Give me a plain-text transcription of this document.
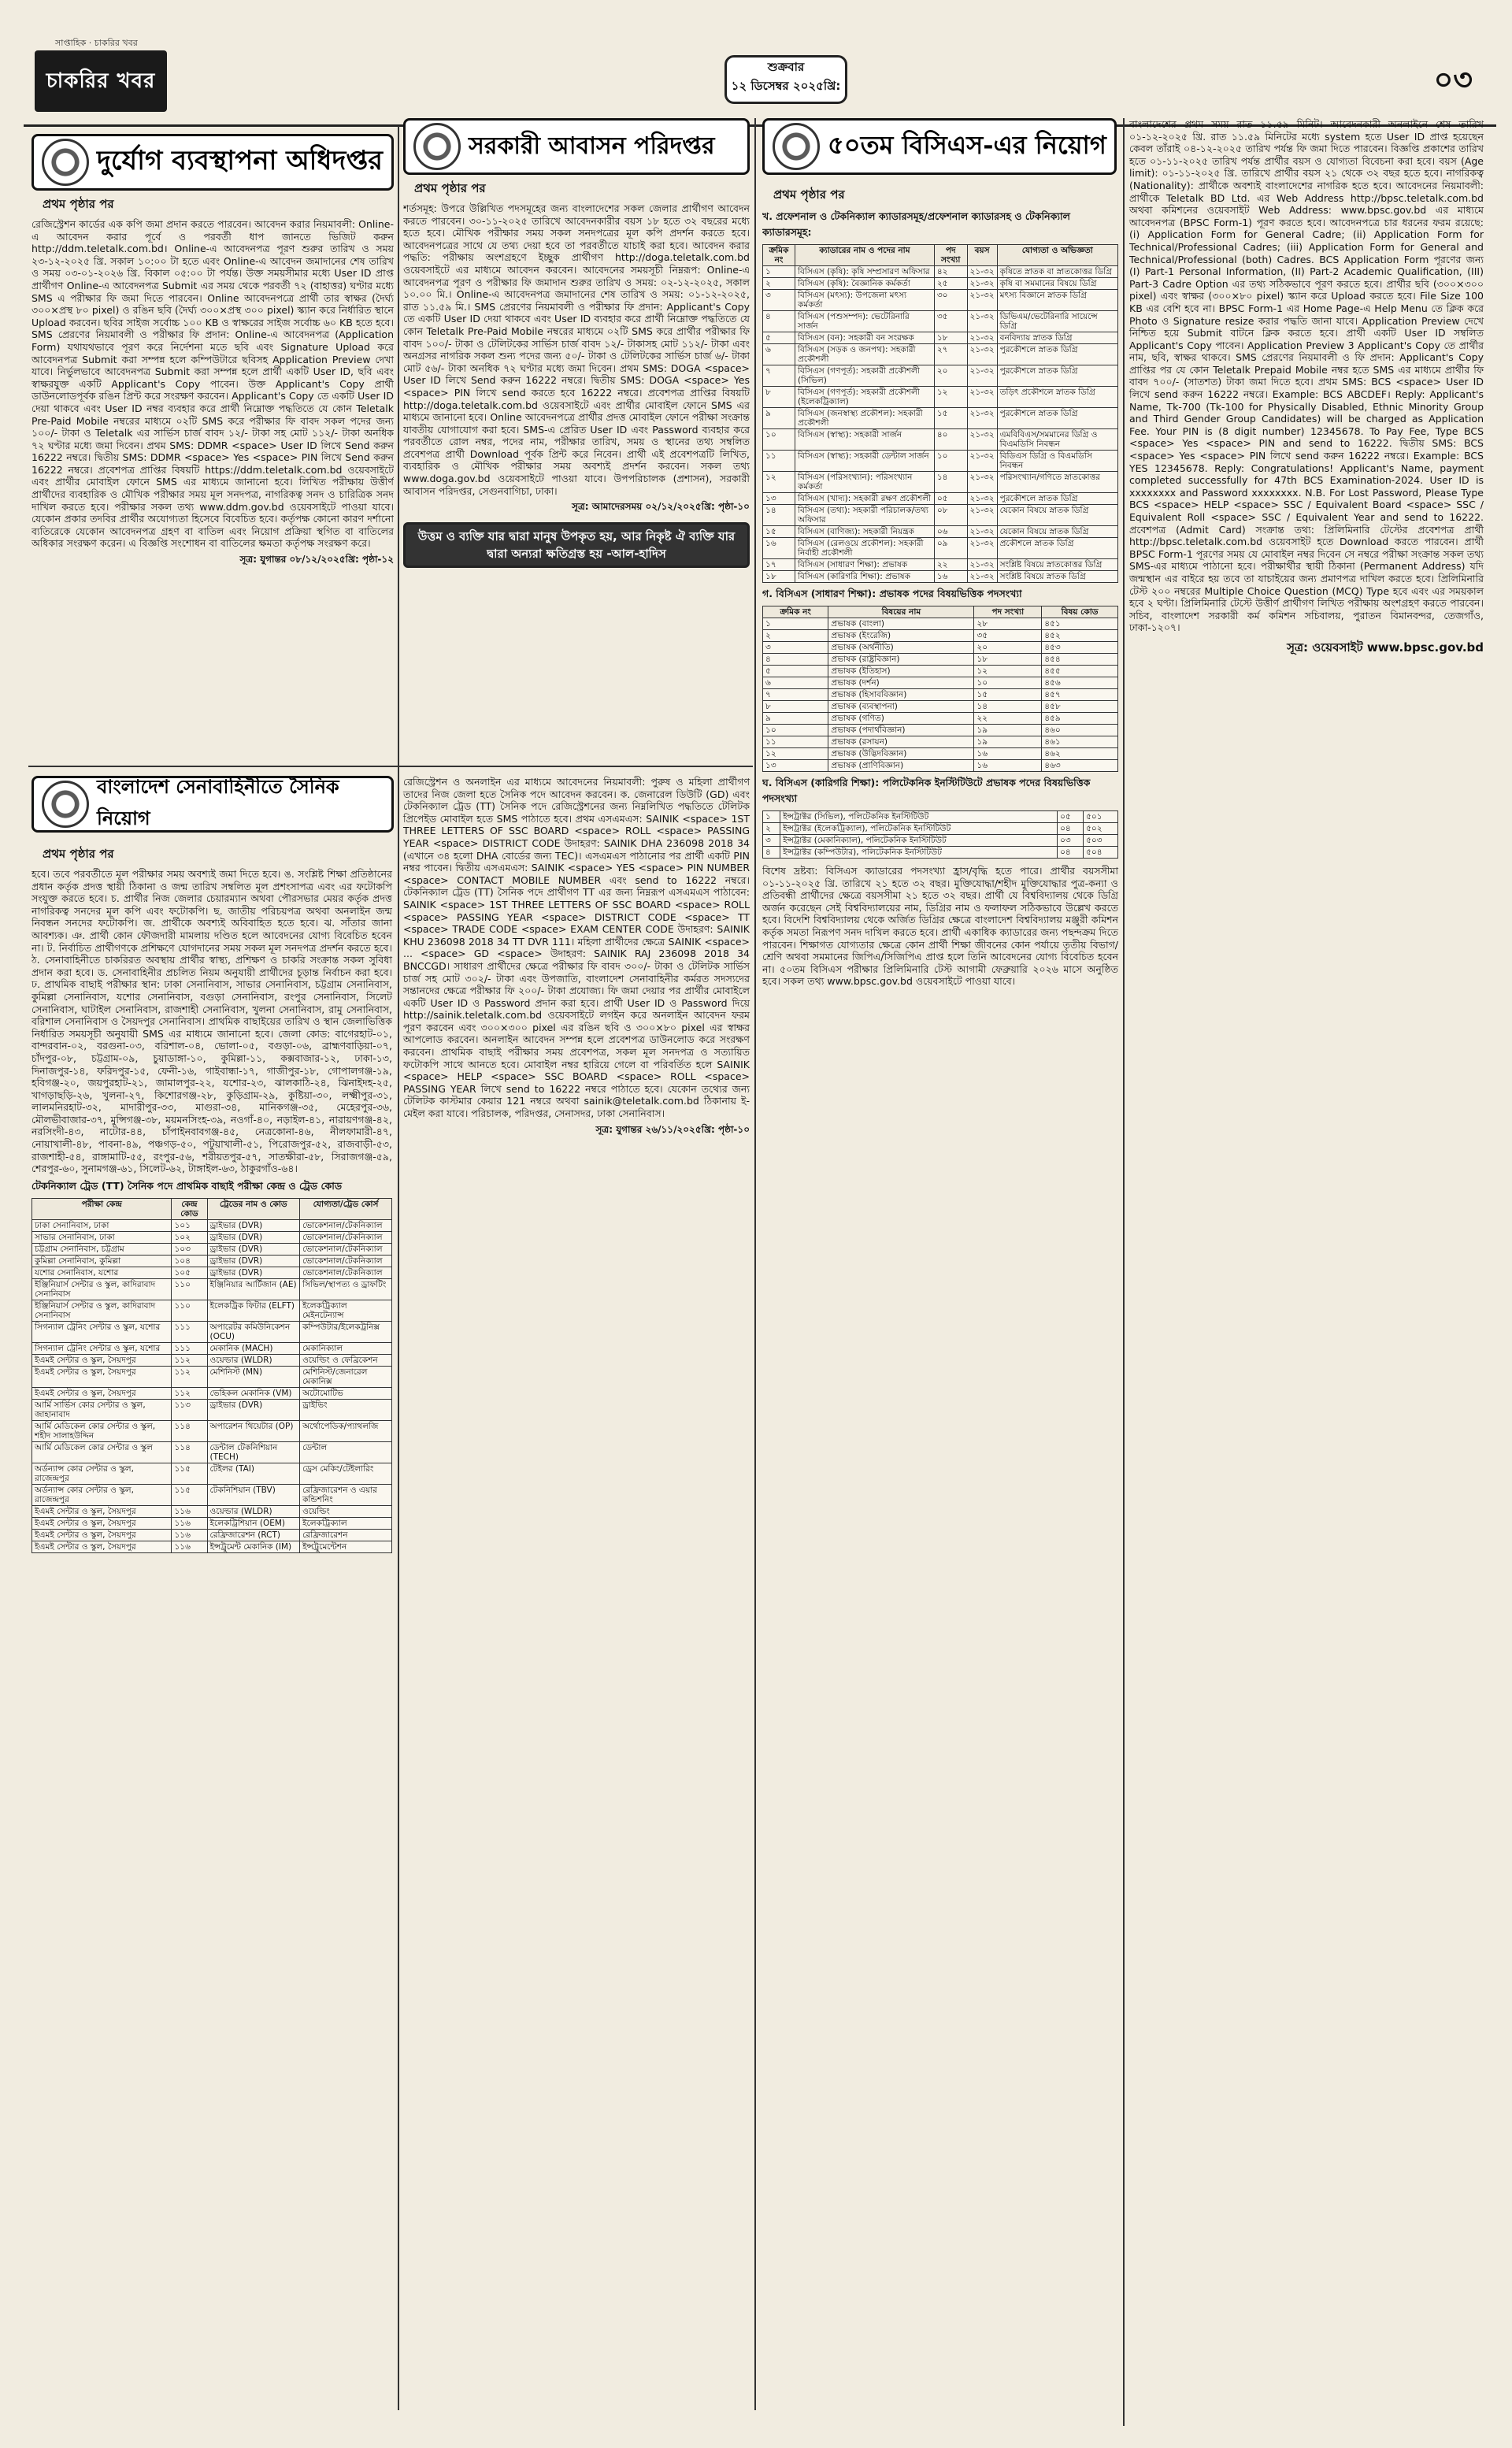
সাপ্তাহিক · চাকরির খবর
চাকরির খবর
শুক্রবার
১২ ডিসেম্বর ২০২৫খ্রি:	০৩
দুর্যোগ ব্যবস্থাপনা অধিদপ্তর
প্রথম পৃষ্ঠার পর
রেজিস্ট্রেশন কার্ডের এক কপি জমা প্রদান করতে পারবেন। আবেদন করার নিয়মাবলী: Online-এ আবেদন করার পূর্বে ও পরবর্তী ধাপ জানতে ভিজিট করুন http://ddm.teletalk.com.bd। Online-এ আবেদনপত্র পূরণ শুরুর তারিখ ও সময় ২৩-১২-২০২৫ খ্রি. সকাল ১০:০০ টা হতে এবং Online-এ আবেদন জমাদানের শেষ তারিখ ও সময় ০৩-০১-২০২৬ খ্রি. বিকাল ০৫:০০ টা পর্যন্ত। উক্ত সময়সীমার মধ্যে User ID প্রাপ্ত প্রার্থীগণ Online-এ আবেদনপত্র Submit এর সময় থেকে পরবর্তী ৭২ (বাহাত্তর) ঘণ্টার মধ্যে SMS এ পরীক্ষার ফি জমা দিতে পারবেন। Online আবেদনপত্রে প্রার্থী তার স্বাক্ষর (দৈর্ঘ্য ৩০০×প্রস্থ ৮০ pixel) ও রঙিন ছবি (দৈর্ঘ্য ৩০০×প্রস্থ ৩০০ pixel) স্ক্যান করে নির্ধারিত স্থানে Upload করবেন। ছবির সাইজ সর্বোচ্চ ১০০ KB ও স্বাক্ষরের সাইজ সর্বোচ্চ ৬০ KB হতে হবে। SMS প্রেরণের নিয়মাবলী ও পরীক্ষার ফি প্রদান: Online-এ আবেদনপত্র (Application Form) যথাযথভাবে পূরণ করে নির্দেশনা মতে ছবি এবং Signature Upload করে আবেদনপত্র Submit করা সম্পন্ন হলে কম্পিউটারে ছবিসহ Application Preview দেখা যাবে। নির্ভুলভাবে আবেদনপত্র Submit করা সম্পন্ন হলে প্রার্থী একটি User ID, ছবি এবং স্বাক্ষরযুক্ত একটি Applicant's Copy পাবেন। উক্ত Applicant's Copy প্রার্থী ডাউনলোডপূর্বক রঙিন প্রিন্ট করে সংরক্ষণ করবেন। Applicant's Copy তে একটি User ID দেয়া থাকবে এবং User ID নম্বর ব্যবহার করে প্রার্থী নিম্নোক্ত পদ্ধতিতে যে কোন Teletalk Pre-Paid Mobile নম্বরের মাধ্যমে ০২টি SMS করে পরীক্ষার ফি বাবদ সকল পদের জন্য ১০০/- টাকা ও Teletalk এর সার্ভিস চার্জ বাবদ ১২/- টাকা সহ মোট ১১২/- টাকা অনধিক ৭২ ঘণ্টার মধ্যে জমা দিবেন। প্রথম SMS: DDMR <space> User ID লিখে Send করুন 16222 নম্বরে। দ্বিতীয় SMS: DDMR <space> Yes <space> PIN লিখে Send করুন 16222 নম্বরে। প্রবেশপত্র প্রাপ্তির বিষয়টি https://ddm.teletalk.com.bd ওয়েবসাইটে এবং প্রার্থীর মোবাইল ফোনে SMS এর মাধ্যমে জানানো হবে। লিখিত পরীক্ষায় উত্তীর্ণ প্রার্থীদের ব্যবহারিক ও মৌখিক পরীক্ষার সময় মূল সনদপত্র, নাগরিকত্ব সনদ ও চারিত্রিক সনদ দাখিল করতে হবে। পরীক্ষার সকল তথ্য www.ddm.gov.bd ওয়েবসাইটে পাওয়া যাবে। যেকোন প্রকার তদবির প্রার্থীর অযোগ্যতা হিসেবে বিবেচিত হবে। কর্তৃপক্ষ কোনো কারণ দর্শানো ব্যতিরেকে যেকোন আবেদনপত্র গ্রহণ বা বাতিল এবং নিয়োগ প্রক্রিয়া স্থগিত বা বাতিলের অধিকার সংরক্ষণ করেন। এ বিজ্ঞপ্তি সংশোধন বা বাতিলের ক্ষমতা কর্তৃপক্ষ সংরক্ষণ করে।
সূত্র: যুগান্তর ০৮/১২/২০২৫খ্রি: পৃষ্ঠা-১২
সরকারী আবাসন পরিদপ্তর
প্রথম পৃষ্ঠার পর
শর্তসমূহ: উপরে উল্লিখিত পদসমূহের জন্য বাংলাদেশের সকল জেলার প্রার্থীগণ আবেদন করতে পারবেন। ৩০-১১-২০২৫ তারিখে আবেদনকারীর বয়স ১৮ হতে ৩২ বছরের মধ্যে হতে হবে। মৌখিক পরীক্ষার সময় সকল সনদপত্রের মূল কপি প্রদর্শন করতে হবে। আবেদনপত্রের সাথে যে তথ্য দেয়া হবে তা পরবর্তীতে যাচাই করা হবে। আবেদন করার পদ্ধতি: পরীক্ষায় অংশগ্রহণে ইচ্ছুক প্রার্থীগণ http://doga.teletalk.com.bd ওয়েবসাইটে এর মাধ্যমে আবেদন করবেন। আবেদনের সময়সূচী নিম্নরূপ: Online-এ আবেদনপত্র পূরণ ও পরীক্ষার ফি জমাদান শুরুর তারিখ ও সময়: ০২-১২-২০২৫, সকাল ১০.০০ মি.। Online-এ আবেদনপত্র জমাদানের শেষ তারিখ ও সময়: ০১-১২-২০২৫, রাত ১১.৫৯ মি.। SMS প্রেরণের নিয়মাবলী ও পরীক্ষার ফি প্রদান: Applicant's Copy তে একটি User ID দেয়া থাকবে এবং User ID ব্যবহার করে প্রার্থী নিম্নোক্ত পদ্ধতিতে যে কোন Teletalk Pre-Paid Mobile নম্বরের মাধ্যমে ০২টি SMS করে প্রার্থীর পরীক্ষার ফি বাবদ ১০০/- টাকা ও টেলিটকের সার্ভিস চার্জ বাবদ ১২/- টাকাসহ মোট ১১২/- টাকা এবং অনগ্রসর নাগরিক সকল শুন্য পদের জন্য ৫০/- টাকা ও টেলিটকের সার্ভিস চার্জ ৬/- টাকা মোট ৫৬/- টাকা অনধিক ৭২ ঘণ্টার মধ্যে জমা দিবেন। প্রথম SMS: DOGA <space> User ID লিখে Send করুন 16222 নম্বরে। দ্বিতীয় SMS: DOGA <space> Yes <space> PIN লিখে send করতে হবে 16222 নম্বরে। প্রবেশপত্র প্রাপ্তির বিষয়টি http://doga.teletalk.com.bd ওয়েবসাইটে এবং প্রার্থীর মোবাইল ফোনে SMS এর মাধ্যমে জানানো হবে। Online আবেদনপত্রে প্রার্থীর প্রদত্ত মোবাইল ফোনে পরীক্ষা সংক্রান্ত যাবতীয় যোগাযোগ করা হবে। SMS-এ প্রেরিত User ID এবং Password ব্যবহার করে পরবর্তীতে রোল নম্বর, পদের নাম, পরীক্ষার তারিখ, সময় ও স্থানের তথ্য সম্বলিত প্রবেশপত্র প্রার্থী Download পূর্বক প্রিন্ট করে নিবেন। প্রার্থী এই প্রবেশপত্রটি লিখিত, ব্যবহারিক ও মৌখিক পরীক্ষার সময় অবশ্যই প্রদর্শন করবেন। সকল তথ্য www.doga.gov.bd ওয়েবসাইটে পাওয়া যাবে। উপপরিচালক (প্রশাসন), সরকারী আবাসন পরিদপ্তর, সেগুনবাগিচা, ঢাকা।
সূত্র: আমাদেরসময় ০২/১২/২০২৫খ্রি: পৃষ্ঠা-১০
উত্তম ও ব্যক্তি যার দ্বারা মানুষ উপকৃত হয়, আর নিকৃষ্ট ঐ ব্যক্তি যার দ্বারা অন্যরা ক্ষতিগ্রস্ত হয় -আল-হাদিস
বাংলাদেশ সেনাবাহিনীতে সৈনিক নিয়োগ
প্রথম পৃষ্ঠার পর
হবে। তবে পরবর্তীতে মূল পরীক্ষার সময় অবশ্যই জমা দিতে হবে। ঙ. সংশ্লিষ্ট শিক্ষা প্রতিষ্ঠানের প্রধান কর্তৃক প্রদত্ত স্থায়ী ঠিকানা ও জন্ম তারিখ সম্বলিত মূল প্রশংসাপত্র এবং এর ফটোকপি সংযুক্ত করতে হবে। চ. প্রার্থীর নিজ জেলার চেয়ারম্যান অথবা পৌরসভার মেয়র কর্তৃক প্রদত্ত নাগরিকত্ব সনদের মূল কপি এবং ফটোকপি। ছ. জাতীয় পরিচয়পত্র অথবা অনলাইন জন্ম নিবন্ধন সনদের ফটোকপি। জ. প্রার্থীকে অবশ্যই অবিবাহিত হতে হবে। ঝ. সাঁতার জানা আবশ্যক। ঞ. প্রার্থী কোন ফৌজদারী মামলায় দণ্ডিত হলে আবেদনের যোগ্য বিবেচিত হবেন না। ট. নির্বাচিত প্রার্থীগণকে প্রশিক্ষণে যোগদানের সময় সকল মূল সনদপত্র প্রদর্শন করতে হবে। ঠ. সেনাবাহিনীতে চাকরিরত অবস্থায় প্রার্থীর স্বাস্থ্য, প্রশিক্ষণ ও চাকরি সংক্রান্ত সকল সুবিধা প্রদান করা হবে। ড. সেনাবাহিনীর প্রচলিত নিয়ম অনুযায়ী প্রার্থীদের চূড়ান্ত নির্বাচন করা হবে। ঢ. প্রাথমিক বাছাই পরীক্ষার স্থান: ঢাকা সেনানিবাস, সাভার সেনানিবাস, চট্টগ্রাম সেনানিবাস, কুমিল্লা সেনানিবাস, যশোর সেনানিবাস, বগুড়া সেনানিবাস, রংপুর সেনানিবাস, সিলেট সেনানিবাস, ঘাটাইল সেনানিবাস, রাজশাহী সেনানিবাস, খুলনা সেনানিবাস, রামু সেনানিবাস, বরিশাল সেনানিবাস ও সৈয়দপুর সেনানিবাস। প্রাথমিক বাছাইয়ের তারিখ ও স্থান জেলাভিত্তিক নির্ধারিত সময়সূচী অনুযায়ী SMS এর মাধ্যমে জানানো হবে। জেলা কোড: বাগেরহাট-০১, বান্দরবান-০২, বরগুনা-০৩, বরিশাল-০৪, ভোলা-০৫, বগুড়া-০৬, ব্রাহ্মণবাড়িয়া-০৭, চাঁদপুর-০৮, চট্টগ্রাম-০৯, চুয়াডাঙ্গা-১০, কুমিল্লা-১১, কক্সবাজার-১২, ঢাকা-১৩, দিনাজপুর-১৪, ফরিদপুর-১৫, ফেনী-১৬, গাইবান্ধা-১৭, গাজীপুর-১৮, গোপালগঞ্জ-১৯, হবিগঞ্জ-২০, জয়পুরহাট-২১, জামালপুর-২২, যশোর-২৩, ঝালকাঠি-২৪, ঝিনাইদহ-২৫, খাগড়াছড়ি-২৬, খুলনা-২৭, কিশোরগঞ্জ-২৮, কুড়িগ্রাম-২৯, কুষ্টিয়া-৩০, লক্ষ্মীপুর-৩১, লালমনিরহাট-৩২, মাদারীপুর-৩৩, মাগুরা-৩৪, মানিকগঞ্জ-৩৫, মেহেরপুর-৩৬, মৌলভীবাজার-৩৭, মুন্সিগঞ্জ-৩৮, ময়মনসিংহ-৩৯, নওগাঁ-৪০, নড়াইল-৪১, নারায়ণগঞ্জ-৪২, নরসিংদী-৪৩, নাটোর-৪৪, চাঁপাইনবাবগঞ্জ-৪৫, নেত্রকোনা-৪৬, নীলফামারী-৪৭, নোয়াখালী-৪৮, পাবনা-৪৯, পঞ্চগড়-৫০, পটুয়াখালী-৫১, পিরোজপুর-৫২, রাজবাড়ী-৫৩, রাজশাহী-৫৪, রাঙ্গামাটি-৫৫, রংপুর-৫৬, শরীয়তপুর-৫৭, সাতক্ষীরা-৫৮, সিরাজগঞ্জ-৫৯, শেরপুর-৬০, সুনামগঞ্জ-৬১, সিলেট-৬২, টাঙ্গাইল-৬৩, ঠাকুরগাঁও-৬৪।
টেকনিক্যাল ট্রেড (TT) সৈনিক পদে প্রাথমিক বাছাই পরীক্ষা কেন্দ্র ও ট্রেড কোড
পরীক্ষা কেন্দ্র	কেন্দ্র কোড	ট্রেডের নাম ও কোড	যোগ্যতা/ট্রেড কোর্স
ঢাকা সেনানিবাস, ঢাকা	১০১	ড্রাইভার (DVR)	ভোকেশনাল/টেকনিক্যাল
সাভার সেনানিবাস, ঢাকা	১০২	ড্রাইভার (DVR)	ভোকেশনাল/টেকনিক্যাল
চট্টগ্রাম সেনানিবাস, চট্টগ্রাম	১০৩	ড্রাইভার (DVR)	ভোকেশনাল/টেকনিক্যাল
কুমিল্লা সেনানিবাস, কুমিল্লা	১০৪	ড্রাইভার (DVR)	ভোকেশনাল/টেকনিক্যাল
যশোর সেনানিবাস, যশোর	১০৫	ড্রাইভার (DVR)	ভোকেশনাল/টেকনিক্যাল
ইঞ্জিনিয়ার্স সেন্টার ও স্কুল, কাদিরাবাদ সেনানিবাস	১১০	ইঞ্জিনিয়ার আর্টিজান (AE)	সিভিল/স্থাপত্য ও ড্রাফটিং
ইঞ্জিনিয়ার্স সেন্টার ও স্কুল, কাদিরাবাদ সেনানিবাস	১১০	ইলেকট্রিক ফিটার (ELFT)	ইলেকট্রিক্যাল মেইনটেন্যান্স
সিগন্যাল ট্রেনিং সেন্টার ও স্কুল, যশোর	১১১	অপারেটর কমিউনিকেশন (OCU)	কম্পিউটার/ইলেকট্রনিক্স
সিগন্যাল ট্রেনিং সেন্টার ও স্কুল, যশোর	১১১	মেকানিক (MACH)	মেকানিক্যাল
ইএমই সেন্টার ও স্কুল, সৈয়দপুর	১১২	ওয়েল্ডার (WLDR)	ওয়েল্ডিং ও ফেব্রিকেশন
ইএমই সেন্টার ও স্কুল, সৈয়দপুর	১১২	মেশিনিস্ট (MN)	মেশিনিস্ট/জেনারেল মেকানিক্স
ইএমই সেন্টার ও স্কুল, সৈয়দপুর	১১২	ভেহিকল মেকানিক (VM)	অটোমোটিভ
আর্মি সার্ভিস কোর সেন্টার ও স্কুল, জাহানাবাদ	১১৩	ড্রাইভার (DVR)	ড্রাইভিং
আর্মি মেডিকেল কোর সেন্টার ও স্কুল, শহীদ সালাহউদ্দিন	১১৪	অপারেশন থিয়েটার (OP)	অর্থোপেডিক/প্যাথলজি
আর্মি মেডিকেল কোর সেন্টার ও স্কুল	১১৪	ডেন্টাল টেকনিশিয়ান (TECH)	ডেন্টাল
অর্ডন্যান্স কোর সেন্টার ও স্কুল, রাজেন্দ্রপুর	১১৫	টেইলর (TAI)	ড্রেস মেকিং/টেইলারিং
অর্ডন্যান্স কোর সেন্টার ও স্কুল, রাজেন্দ্রপুর	১১৫	টেকনিশিয়ান (TBV)	রেফ্রিজারেশন ও এয়ার কন্ডিশনিং
ইএমই সেন্টার ও স্কুল, সৈয়দপুর	১১৬	ওয়েল্ডার (WLDR)	ওয়েল্ডিং
ইএমই সেন্টার ও স্কুল, সৈয়দপুর	১১৬	ইলেকট্রিশিয়ান (OEM)	ইলেকট্রিক্যাল
ইএমই সেন্টার ও স্কুল, সৈয়দপুর	১১৬	রেফ্রিজারেশন (RCT)	রেফ্রিজারেশন
ইএমই সেন্টার ও স্কুল, সৈয়দপুর	১১৬	ইন্সট্রুমেন্ট মেকানিক (IM)	ইন্সট্রুমেন্টেশন
রেজিস্ট্রেশন ও অনলাইন এর মাধ্যমে আবেদনের নিয়মাবলী: পুরুষ ও মহিলা প্রার্থীগণ তাদের নিজ জেলা হতে সৈনিক পদে আবেদন করবেন। ক. জেনারেল ডিউটি (GD) এবং টেকনিক্যাল ট্রেড (TT) সৈনিক পদে রেজিস্ট্রেশনের জন্য নিম্নলিখিত পদ্ধতিতে টেলিটক প্রিপেইড মোবাইল হতে SMS পাঠাতে হবে। প্রথম এসএমএস: SAINIK <space> 1ST THREE LETTERS OF SSC BOARD <space> ROLL <space> PASSING YEAR <space> DISTRICT CODE উদাহরণ: SAINIK DHA 236098 2018 34 (এখানে ৩৪ হলো DHA বোর্ডের জন্য TEC)। এসএমএস পাঠানোর পর প্রার্থী একটি PIN নম্বর পাবেন। দ্বিতীয় এসএমএস: SAINIK <space> YES <space> PIN NUMBER <space> CONTACT MOBILE NUMBER এবং send to 16222 নম্বরে। টেকনিক্যাল ট্রেড (TT) সৈনিক পদে প্রার্থীগণ TT এর জন্য নিম্নরূপ এসএমএস পাঠাবেন: SAINIK <space> 1ST THREE LETTERS OF SSC BOARD <space> ROLL <space> PASSING YEAR <space> DISTRICT CODE <space> TT <space> TRADE CODE <space> EXAM CENTER CODE উদাহরণ: SAINIK KHU 236098 2018 34 TT DVR 111। মহিলা প্রার্থীদের ক্ষেত্রে SAINIK <space> ... <space> GD <space> উদাহরণ: SAINIK RAJ 236098 2018 34 BNCCGD। সাধারণ প্রার্থীদের ক্ষেত্রে পরীক্ষার ফি বাবদ ৩০০/- টাকা ও টেলিটক সার্ভিস চার্জ সহ মোট ৩০২/- টাকা এবং উপজাতি, বাংলাদেশ সেনাবাহিনীর কর্মরত সদস্যদের সন্তানদের ক্ষেত্রে পরীক্ষার ফি ২০০/- টাকা প্রযোজ্য। ফি জমা দেয়ার পর প্রার্থীর মোবাইলে একটি User ID ও Password প্রদান করা হবে। প্রার্থী User ID ও Password দিয়ে http://sainik.teletalk.com.bd ওয়েবসাইটে লগইন করে অনলাইন আবেদন ফরম পূরণ করবেন এবং ৩০০×৩০০ pixel এর রঙিন ছবি ও ৩০০×৮০ pixel এর স্বাক্ষর আপলোড করবেন। অনলাইন আবেদন সম্পন্ন হলে প্রবেশপত্র ডাউনলোড করে সংরক্ষণ করবেন। প্রাথমিক বাছাই পরীক্ষার সময় প্রবেশপত্র, সকল মূল সনদপত্র ও সত্যায়িত ফটোকপি সাথে আনতে হবে। মোবাইল নম্বর হারিয়ে গেলে বা পরিবর্তিত হলে SAINIK <space> HELP <space> SSC BOARD <space> ROLL <space> PASSING YEAR লিখে send to 16222 নম্বরে পাঠাতে হবে। যেকোন তথ্যের জন্য টেলিটক কাস্টমার কেয়ার 121 নম্বরে অথবা sainik@teletalk.com.bd ঠিকানায় ই-মেইল করা যাবে। পরিচালক, পরিদপ্তর, সেনাসদর, ঢাকা সেনানিবাস।
সূত্র: যুগান্তর ২৬/১১/২০২৫খ্রি: পৃষ্ঠা-১০
৫০তম বিসিএস-এর নিয়োগ
প্রথম পৃষ্ঠার পর
খ. প্রফেশনাল ও টেকনিক্যাল ক্যাডারসমূহ/প্রফেশনাল ক্যাডারসহ ও টেকনিক্যাল ক্যাডারসমূহ:
ক্রমিক নং	ক্যাডারের নাম ও পদের নাম	পদ সংখ্যা	বয়স	যোগ্যতা ও অভিজ্ঞতা
১	বিসিএস (কৃষি): কৃষি সম্প্রসারণ অফিসার	৪২	২১-৩২	কৃষিতে স্নাতক বা স্নাতকোত্তর ডিগ্রি
২	বিসিএস (কৃষি): বৈজ্ঞানিক কর্মকর্তা	২৫	২১-৩২	কৃষি বা সমমানের বিষয়ে ডিগ্রি
৩	বিসিএস (মৎস্য): উপজেলা মৎস্য কর্মকর্তা	৩০	২১-৩২	মৎস্য বিজ্ঞানে স্নাতক ডিগ্রি
৪	বিসিএস (পশুসম্পদ): ভেটেরিনারি সার্জন	৩৫	২১-৩২	ডিভিএম/ভেটেরিনারি সায়েন্সে ডিগ্রি
৫	বিসিএস (বন): সহকারী বন সংরক্ষক	১৮	২১-৩২	বনবিদ্যায় স্নাতক ডিগ্রি
৬	বিসিএস (সড়ক ও জনপথ): সহকারী প্রকৌশলী	২৭	২১-৩২	পুরকৌশলে স্নাতক ডিগ্রি
৭	বিসিএস (গণপূর্ত): সহকারী প্রকৌশলী (সিভিল)	২০	২১-৩২	পুরকৌশলে স্নাতক ডিগ্রি
৮	বিসিএস (গণপূর্ত): সহকারী প্রকৌশলী (ইলেকট্রিক্যাল)	১২	২১-৩২	তড়িৎ প্রকৌশলে স্নাতক ডিগ্রি
৯	বিসিএস (জনস্বাস্থ্য প্রকৌশল): সহকারী প্রকৌশলী	১৫	২১-৩২	পুরকৌশলে স্নাতক ডিগ্রি
১০	বিসিএস (স্বাস্থ্য): সহকারী সার্জন	৪০	২১-৩২	এমবিবিএস/সমমানের ডিগ্রি ও বিএমডিসি নিবন্ধন
১১	বিসিএস (স্বাস্থ্য): সহকারী ডেন্টাল সার্জন	১০	২১-৩২	বিডিএস ডিগ্রি ও বিএমডিসি নিবন্ধন
১২	বিসিএস (পরিসংখ্যান): পরিসংখ্যান কর্মকর্তা	১৪	২১-৩২	পরিসংখ্যান/গণিতে স্নাতকোত্তর
১৩	বিসিএস (খাদ্য): সহকারী রক্ষণ প্রকৌশলী	০৫	২১-৩২	পুরকৌশলে স্নাতক ডিগ্রি
১৪	বিসিএস (তথ্য): সহকারী পরিচালক/তথ্য অফিসার	০৮	২১-৩২	যেকোন বিষয়ে স্নাতক ডিগ্রি
১৫	বিসিএস (বাণিজ্য): সহকারী নিয়ন্ত্রক	০৬	২১-৩২	যেকোন বিষয়ে স্নাতক ডিগ্রি
১৬	বিসিএস (রেলওয়ে প্রকৌশল): সহকারী নির্বাহী প্রকৌশলী	০৯	২১-৩২	প্রকৌশলে স্নাতক ডিগ্রি
১৭	বিসিএস (সাধারণ শিক্ষা): প্রভাষক	২২	২১-৩২	সংশ্লিষ্ট বিষয়ে স্নাতকোত্তর ডিগ্রি
১৮	বিসিএস (কারিগরি শিক্ষা): প্রভাষক	১৬	২১-৩২	সংশ্লিষ্ট বিষয়ে স্নাতক ডিগ্রি
গ. বিসিএস (সাধারণ শিক্ষা): প্রভাষক পদের বিষয়ভিত্তিক পদসংখ্যা
ক্রমিক নং	বিষয়ের নাম	পদ সংখ্যা	বিষয় কোড
১	প্রভাষক (বাংলা)	২৮	৪৫১
২	প্রভাষক (ইংরেজি)	৩৫	৪৫২
৩	প্রভাষক (অর্থনীতি)	২০	৪৫৩
৪	প্রভাষক (রাষ্ট্রবিজ্ঞান)	১৮	৪৫৪
৫	প্রভাষক (ইতিহাস)	১২	৪৫৫
৬	প্রভাষক (দর্শন)	১০	৪৫৬
৭	প্রভাষক (হিসাববিজ্ঞান)	১৫	৪৫৭
৮	প্রভাষক (ব্যবস্থাপনা)	১৪	৪৫৮
৯	প্রভাষক (গণিত)	২২	৪৫৯
১০	প্রভাষক (পদার্থবিজ্ঞান)	১৯	৪৬০
১১	প্রভাষক (রসায়ন)	১৯	৪৬১
১২	প্রভাষক (উদ্ভিদবিজ্ঞান)	১৬	৪৬২
১৩	প্রভাষক (প্রাণিবিজ্ঞান)	১৬	৪৬৩
ঘ. বিসিএস (কারিগরি শিক্ষা): পলিটেকনিক ইনস্টিটিউটে প্রভাষক পদের বিষয়ভিত্তিক পদসংখ্যা
১	ইন্সট্রাক্টর (সিভিল), পলিটেকনিক ইনস্টিটিউট	০৫	৫০১
২	ইন্সট্রাক্টর (ইলেকট্রিক্যাল), পলিটেকনিক ইনস্টিটিউট	০৪	৫০২
৩	ইন্সট্রাক্টর (মেকানিক্যাল), পলিটেকনিক ইনস্টিটিউট	০৩	৫০৩
৪	ইন্সট্রাক্টর (কম্পিউটার), পলিটেকনিক ইনস্টিটিউট	০৪	৫০৪
বিশেষ দ্রষ্টব্য: বিসিএস ক্যাডারের পদসংখ্যা হ্রাস/বৃদ্ধি হতে পারে। প্রার্থীর বয়সসীমা ০১-১১-২০২৫ খ্রি. তারিখে ২১ হতে ৩২ বছর। মুক্তিযোদ্ধা/শহীদ মুক্তিযোদ্ধার পুত্র-কন্যা ও প্রতিবন্ধী প্রার্থীদের ক্ষেত্রে বয়সসীমা ২১ হতে ৩২ বছর। প্রার্থী যে বিশ্ববিদ্যালয় থেকে ডিগ্রি অর্জন করেছেন সেই বিশ্ববিদ্যালয়ের নাম, ডিগ্রির নাম ও ফলাফল সঠিকভাবে উল্লেখ করতে হবে। বিদেশি বিশ্ববিদ্যালয় থেকে অর্জিত ডিগ্রির ক্ষেত্রে বাংলাদেশ বিশ্ববিদ্যালয় মঞ্জুরী কমিশন কর্তৃক সমতা নিরূপণ সনদ দাখিল করতে হবে। প্রার্থী একাধিক ক্যাডারের জন্য পছন্দক্রম দিতে পারবেন। শিক্ষাগত যোগ্যতার ক্ষেত্রে কোন প্রার্থী শিক্ষা জীবনের কোন পর্যায়ে তৃতীয় বিভাগ/শ্রেণি অথবা সমমানের জিপিএ/সিজিপিএ প্রাপ্ত হলে তিনি আবেদনের যোগ্য বিবেচিত হবেন না। ৫০তম বিসিএস পরীক্ষার প্রিলিমিনারি টেস্ট আগামী ফেব্রুয়ারি ২০২৬ মাসে অনুষ্ঠিত হবে। সকল তথ্য www.bpsc.gov.bd ওয়েবসাইটে পাওয়া যাবে।
বাংলাদেশের প্রথম সময় রাত ১১.৫৯ মিনিট। আবেদনকারী অনলাইনে শেষ তারিখ ০১-১২-২০২৫ খ্রি. রাত ১১.৫৯ মিনিটের মধ্যে system হতে User ID প্রাপ্ত হয়েছেন কেবল তাঁরাই ০৪-১২-২০২৫ তারিখ পর্যন্ত ফি জমা দিতে পারবেন। বিজ্ঞপ্তি প্রকাশের তারিখ হতে ০১-১১-২০২৫ তারিখ পর্যন্ত প্রার্থীর বয়স ও যোগ্যতা বিবেচনা করা হবে। বয়স (Age limit): ০১-১১-২০২৫ খ্রি. তারিখে প্রার্থীর বয়স ২১ থেকে ৩২ বছর হতে হবে। নাগরিকত্ব (Nationality): প্রার্থীকে অবশ্যই বাংলাদেশের নাগরিক হতে হবে। আবেদনের নিয়মাবলী: প্রার্থীকে Teletalk BD Ltd. এর Web Address http://bpsc.teletalk.com.bd অথবা কমিশনের ওয়েবসাইট Web Address: www.bpsc.gov.bd এর মাধ্যমে আবেদনপত্র (BPSC Form-1) পূরণ করতে হবে। আবেদনপত্রে চার ধরনের ফরম রয়েছে: (i) Application Form for General Cadre; (ii) Application Form for Technical/Professional Cadres; (iii) Application Form for General and Technical/Professional (both) Cadres. BCS Application Form পূরণের জন্য (I) Part-1 Personal Information, (II) Part-2 Academic Qualification, (III) Part-3 Cadre Option এর তথ্য সঠিকভাবে পূরণ করতে হবে। প্রার্থীর ছবি (৩০০×৩০০ pixel) এবং স্বাক্ষর (৩০০×৮০ pixel) স্ক্যান করে Upload করতে হবে। File Size 100 KB এর বেশি হবে না। BPSC Form-1 এর Home Page-এ Help Menu তে ক্লিক করে Photo ও Signature resize করার পদ্ধতি জানা যাবে। Application Preview দেখে নিশ্চিত হয়ে Submit বাটনে ক্লিক করতে হবে। প্রার্থী একটি User ID সম্বলিত Applicant's Copy পাবেন। Application Preview 3 Applicant's Copy তে প্রার্থীর নাম, ছবি, স্বাক্ষর থাকবে। SMS প্রেরণের নিয়মাবলী ও ফি প্রদান: Applicant's Copy প্রাপ্তির পর যে কোন Teletalk Prepaid Mobile নম্বর হতে SMS এর মাধ্যমে প্রার্থীর ফি বাবদ ৭০০/- (সাতশত) টাকা জমা দিতে হবে। প্রথম SMS: BCS <space> User ID লিখে send করুন 16222 নম্বরে। Example: BCS ABCDEF। Reply: Applicant's Name, Tk-700 (Tk-100 for Physically Disabled, Ethnic Minority Group and Third Gender Group Candidates) will be charged as Application Fee. Your PIN is (8 digit number) 12345678. To Pay Fee, Type BCS <space> Yes <space> PIN and send to 16222. দ্বিতীয় SMS: BCS <space> Yes <space> PIN লিখে send করুন 16222 নম্বরে। Example: BCS YES 12345678. Reply: Congratulations! Applicant's Name, payment completed successfully for 47th BCS Examination-2024. User ID is xxxxxxxx and Password xxxxxxxx. N.B. For Lost Password, Please Type BCS <space> HELP <space> SSC / Equivalent Board <space> SSC / Equivalent Roll <space> SSC / Equivalent Year and send to 16222. প্রবেশপত্র (Admit Card) সংক্রান্ত তথ্য: প্রিলিমিনারি টেস্টের প্রবেশপত্র প্রার্থী http://bpsc.teletalk.com.bd ওয়েবসাইট হতে Download করতে পারবেন। প্রার্থী BPSC Form-1 পূরণের সময় যে মোবাইল নম্বর দিবেন সে নম্বরে পরীক্ষা সংক্রান্ত সকল তথ্য SMS-এর মাধ্যমে পাঠানো হবে। পরীক্ষার্থীর স্থায়ী ঠিকানা (Permanent Address) যদি জন্মস্থান এর বাইরে হয় তবে তা যাচাইয়ের জন্য প্রমাণপত্র দাখিল করতে হবে। প্রিলিমিনারি টেস্ট ২০০ নম্বরের Multiple Choice Question (MCQ) Type হবে এবং এর সময়কাল হবে ২ ঘণ্টা। প্রিলিমিনারি টেস্টে উত্তীর্ণ প্রার্থীগণ লিখিত পরীক্ষায় অংশগ্রহণ করতে পারবেন। সচিব, বাংলাদেশ সরকারী কর্ম কমিশন সচিবালয়, পুরাতন বিমানবন্দর, তেজগাঁও, ঢাকা-১২০৭।
সূত্র: ওয়েবসাইট www.bpsc.gov.bd
